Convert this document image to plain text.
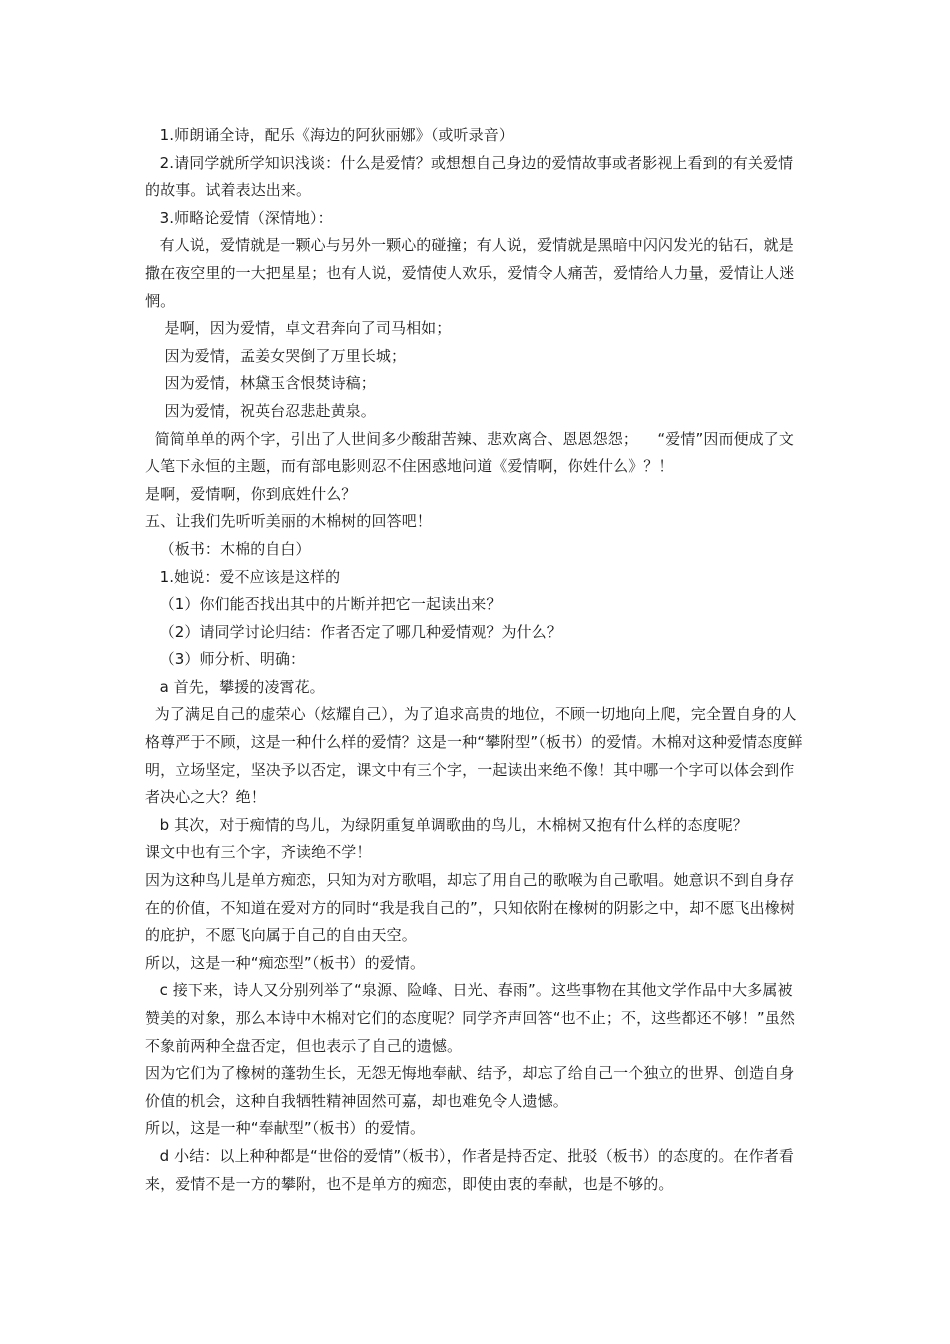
1.师朗诵全诗，配乐《海边的阿狄丽娜》（或听录音）

2.请同学就所学知识浅谈：什么是爱情？或想想自己身边的爱情故事或者影视上看到的有关爱情的故事。试着表达出来。

3.师略论爱情（深情地）：

有人说，爱情就是一颗心与另外一颗心的碰撞；有人说，爱情就是黑暗中闪闪发光的钻石，就是撒在夜空里的一大把星星；也有人说，爱情使人欢乐，爱情令人痛苦，爱情给人力量，爱情让人迷惘。

是啊，因为爱情，卓文君奔向了司马相如；

因为爱情，孟姜女哭倒了万里长城；

因为爱情，林黛玉含恨焚诗稿；

因为爱情，祝英台忍悲赴黄泉。

简简单单的两个字，引出了人世间多少酸甜苦辣、悲欢离合、恩恩怨怨；    “爱情”因而便成了文人笔下永恒的主题，而有部电影则忍不住困惑地问道《爱情啊，你姓什么》？！

是啊，爱情啊，你到底姓什么？

五、让我们先听听美丽的木棉树的回答吧！

（板书：木棉的自白）

1.她说：爱不应该是这样的

（1）你们能否找出其中的片断并把它一起读出来？

（2）请同学讨论归结：作者否定了哪几种爱情观？为什么？

（3）师分析、明确：

a 首先，攀援的凌霄花。

为了满足自己的虚荣心（炫耀自己），为了追求高贵的地位，不顾一切地向上爬，完全置自身的人格尊严于不顾，这是一种什么样的爱情？这是一种“攀附型”（板书）的爱情。木棉对这种爱情态度鲜明，立场坚定，坚决予以否定，课文中有三个字，一起读出来绝不像！其中哪一个字可以体会到作者决心之大？绝！

b 其次，对于痴情的鸟儿，为绿阴重复单调歌曲的鸟儿，木棉树又抱有什么样的态度呢？

课文中也有三个字，齐读绝不学！

因为这种鸟儿是单方痴恋，只知为对方歌唱，却忘了用自己的歌喉为自己歌唱。她意识不到自身存在的价值，不知道在爱对方的同时“我是我自己的”，只知依附在橡树的阴影之中，却不愿飞出橡树的庇护，不愿飞向属于自己的自由天空。

所以，这是一种“痴恋型”（板书）的爱情。

c 接下来，诗人又分别列举了“泉源、险峰、日光、春雨”。这些事物在其他文学作品中大多属被赞美的对象，那么本诗中木棉对它们的态度呢？同学齐声回答“也不止；不，这些都还不够！”虽然不象前两种全盘否定，但也表示了自己的遗憾。

因为它们为了橡树的蓬勃生长，无怨无悔地奉献、结予，却忘了给自己一个独立的世界、创造自身价值的机会，这种自我牺牲精神固然可嘉，却也难免令人遗憾。

所以，这是一种“奉献型”（板书）的爱情。

d 小结：以上种种都是“世俗的爱情”（板书），作者是持否定、批驳（板书）的态度的。在作者看来，爱情不是一方的攀附，也不是单方的痴恋，即使由衷的奉献，也是不够的。
